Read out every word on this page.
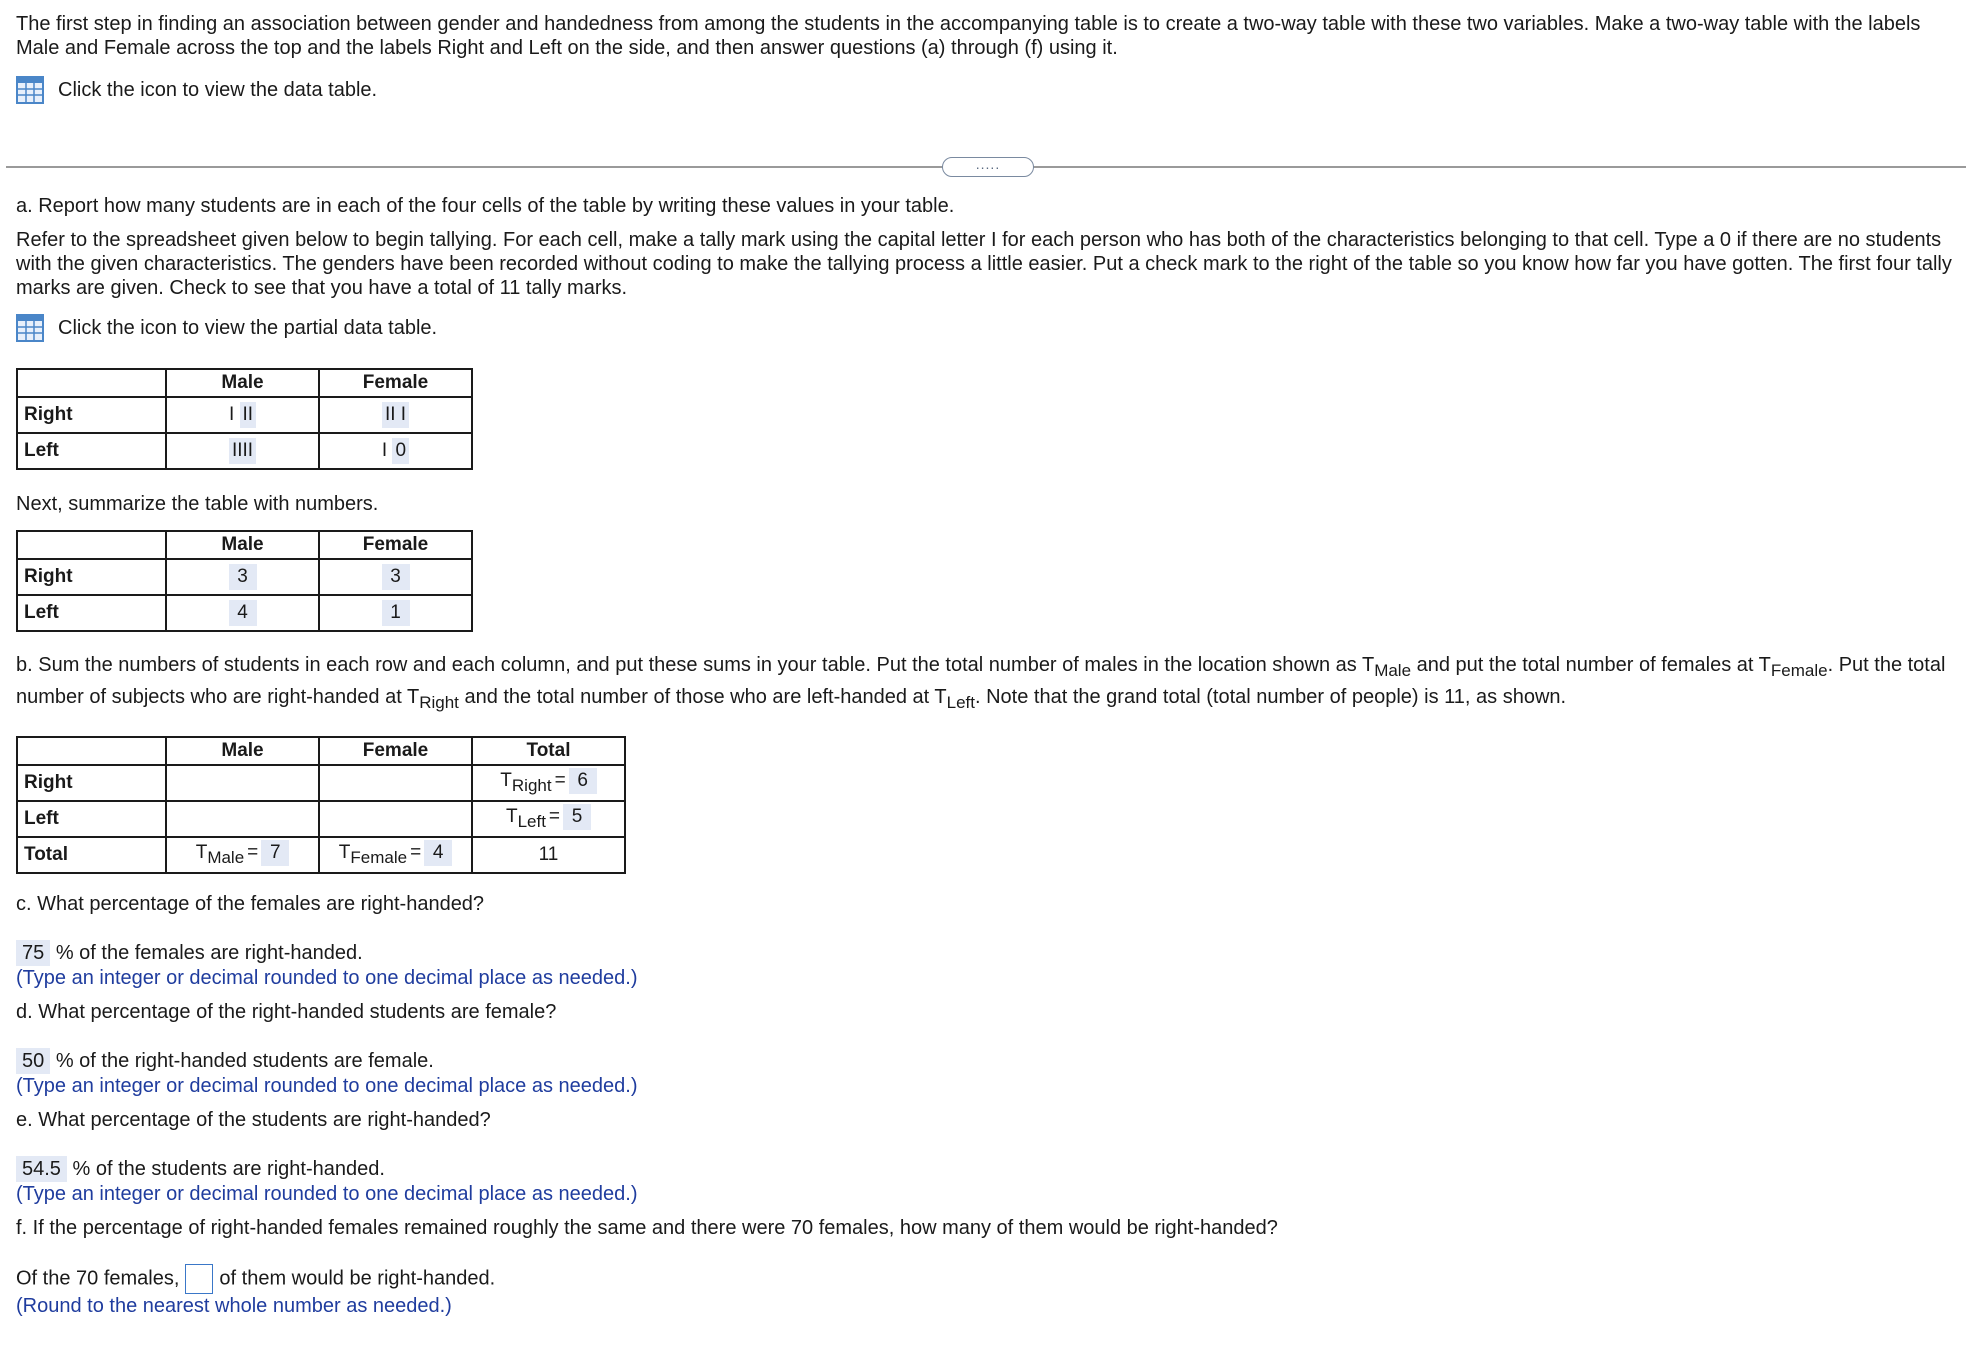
The first step in finding an association between gender and handedness from among the students in the accompanying table is to create a two-way table with these two variables. Make a two-way table with the labels Male and Female across the top and the labels Right and Left on the side, and then answer questions (a) through (f) using it.

Click the icon to view the data table.
.....

a. Report how many students are in each of the four cells of the table by writing these values in your table.

Refer to the spreadsheet given below to begin tallying. For each cell, make a tally mark using the capital letter I for each person who has both of the characteristics belonging to that cell. Type a 0 if there are no students with the given characteristics. The genders have been recorded without coding to make the tallying process a little easier. Put a check mark to the right of the table so you know how far you have gotten. The first four tally marks are given. Check to see that you have a total of 11 tally marks.

Click the icon to view the partial data table.
	Male	Female
Right	I II	II I
Left	IIII	I 0

Next, summarize the table with numbers.

	Male	Female
Right	3	3
Left	4	1

b. Sum the numbers of students in each row and each column, and put these sums in your table. Put the total number of males in the location shown as $T_{Male}$ and put the total number of females at $T_{Female}$. Put the total number of subjects who are right-handed at $T_{Right}$ and the total number of those who are left-handed at $T_{Left}$. Note that the grand total (total number of people) is 11, as shown.

	Male	Female	Total
Right			$T_{Right} = 6$
Left			$T_{Left} = 5$
Total	$T_{Male} = 7$	$T_{Female} = 4$	11

c. What percentage of the females are right-handed?

75 % of the females are right-handed.

(Type an integer or decimal rounded to one decimal place as needed.)

d. What percentage of the right-handed students are female?

50 % of the right-handed students are female.

(Type an integer or decimal rounded to one decimal place as needed.)

e. What percentage of the students are right-handed?

54.5 % of the students are right-handed.

(Type an integer or decimal rounded to one decimal place as needed.)

f. If the percentage of right-handed females remained roughly the same and there were 70 females, how many of them would be right-handed?

Of the 70 females, of them would be right-handed.

(Round to the nearest whole number as needed.)
